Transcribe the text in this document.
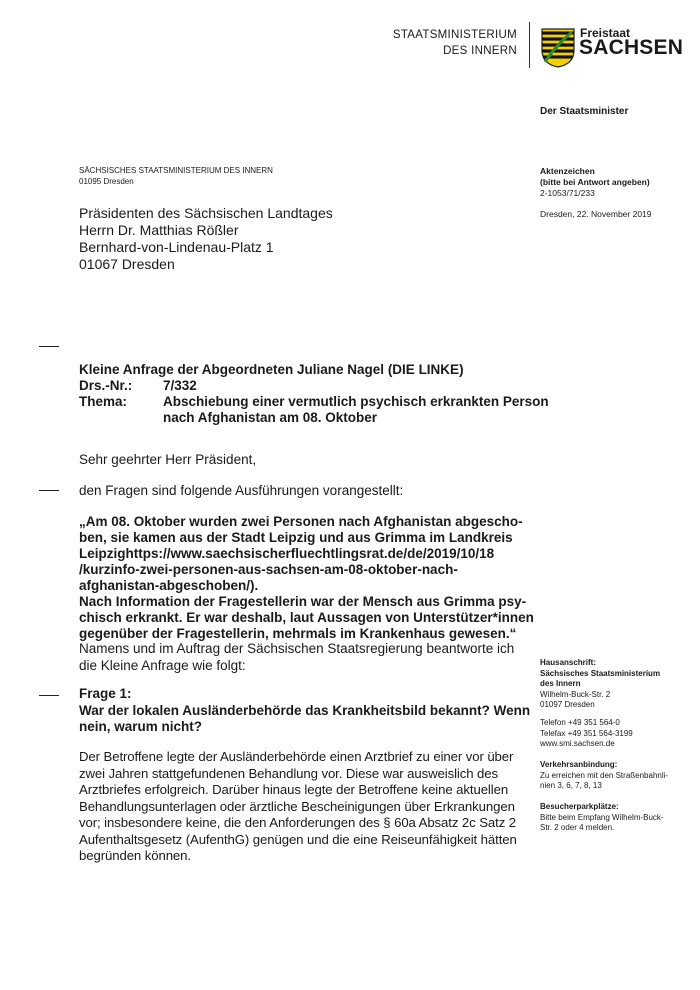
STAATSMINISTERIUM
DES INNERN
Freistaat
SACHSEN
Der Staatsminister
SÄCHSISCHES STAATSMINISTERIUM DES INNERN
01095 Dresden
Präsidenten des Sächsischen Landtages
Herrn Dr. Matthias Rößler
Bernhard-von-Lindenau-Platz 1
01067 Dresden
Aktenzeichen
(bitte bei Antwort angeben)
2-1053/71/233
Dresden, 22. November 2019
Kleine Anfrage der Abgeordneten Juliane Nagel (DIE LINKE)
Drs.-Nr.: 7/332
Thema:	Abschiebung einer vermutlich psychisch erkrankten Person
nach Afghanistan am 08. Oktober
Sehr geehrter Herr Präsident,
den Fragen sind folgende Ausführungen vorangestellt:
„Am 08. Oktober wurden zwei Personen nach Afghanistan abgescho-
ben, sie kamen aus der Stadt Leipzig und aus Grimma im Landkreis
Leipzig https://www.saechsischerfluechtlingsrat.de/de/2019/10/18
/kurzinfo-zwei-personen-aus-sachsen-am-08-oktober-nach-
afghanistan-abgeschoben/).
Nach Information der Fragestellerin war der Mensch aus Grimma psy-
chisch erkrankt. Er war deshalb, laut Aussagen von Unterstützer*innen
gegenüber der Fragestellerin, mehrmals im Krankenhaus gewesen.“
Namens und im Auftrag der Sächsischen Staatsregierung beantworte ich
die Kleine Anfrage wie folgt:
Frage 1:
War der lokalen Ausländerbehörde das Krankheitsbild bekannt? Wenn
nein, warum nicht?
Der Betroffene legte der Ausländerbehörde einen Arztbrief zu einer vor über
zwei Jahren stattgefundenen Behandlung vor. Diese war ausweislich des
Arztbriefes erfolgreich. Darüber hinaus legte der Betroffene keine aktuellen
Behandlungsunterlagen oder ärztliche Bescheinigungen über Erkrankungen
vor; insbesondere keine, die den Anforderungen des § 60a Absatz 2c Satz 2
Aufenthaltsgesetz (AufenthG) genügen und die eine Reiseunfähigkeit hätten
begründen können.
Hausanschrift:
Sächsisches Staatsministerium
des Innern
Wilhelm-Buck-Str. 2
01097 Dresden
Telefon +49 351 564-0
Telefax +49 351 564-3199
www.smi.sachsen.de
Verkehrsanbindung:
Zu erreichen mit den Straßenbahnli-
nien 3, 6, 7, 8, 13
Besucherparkplätze:
Bitte beim Empfang Wilhelm-Buck-
Str. 2 oder 4 melden.
